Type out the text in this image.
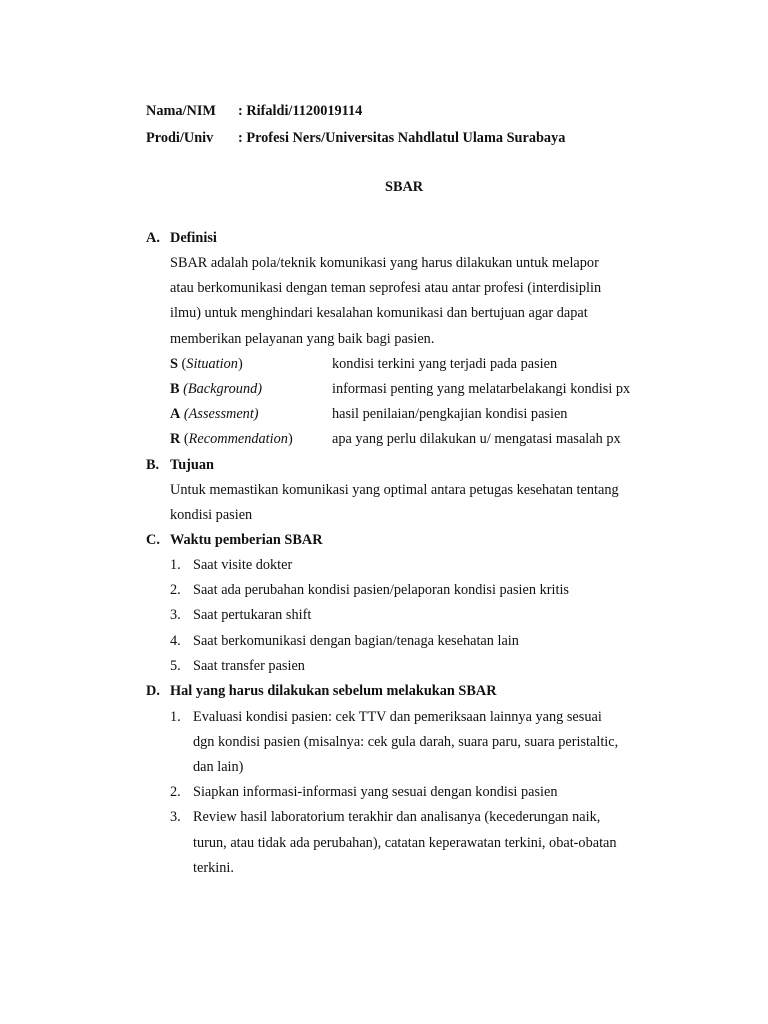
Nama/NIM : Rifaldi/1120019114
Prodi/Univ : Profesi Ners/Universitas Nahdlatul Ulama Surabaya
SBAR
A. Definisi
SBAR adalah pola/teknik komunikasi yang harus dilakukan untuk melapor
atau berkomunikasi dengan teman seprofesi atau antar profesi (interdisiplin
ilmu) untuk menghindari kesalahan komunikasi dan bertujuan agar dapat
memberikan pelayanan yang baik bagi pasien.
S (Situation)	kondisi terkini yang terjadi pada pasien
B (Background)	informasi penting yang melatarbelakangi kondisi px
A (Assessment)	hasil penilaian/pengkajian kondisi pasien
R (Recommendation)	apa yang perlu dilakukan u/ mengatasi masalah px
B. Tujuan
Untuk memastikan komunikasi yang optimal antara petugas kesehatan tentang
kondisi pasien
C. Waktu pemberian SBAR
1. Saat visite dokter
2. Saat ada perubahan kondisi pasien/pelaporan kondisi pasien kritis
3. Saat pertukaran shift
4. Saat berkomunikasi dengan bagian/tenaga kesehatan lain
5. Saat transfer pasien
D. Hal yang harus dilakukan sebelum melakukan SBAR
1. Evaluasi kondisi pasien: cek TTV dan pemeriksaan lainnya yang sesuai
dgn kondisi pasien (misalnya: cek gula darah, suara paru, suara peristaltic,
dan lain)
2. Siapkan informasi-informasi yang sesuai dengan kondisi pasien
3. Review hasil laboratorium terakhir dan analisanya (kecederungan naik,
turun, atau tidak ada perubahan), catatan keperawatan terkini, obat-obatan
terkini.
